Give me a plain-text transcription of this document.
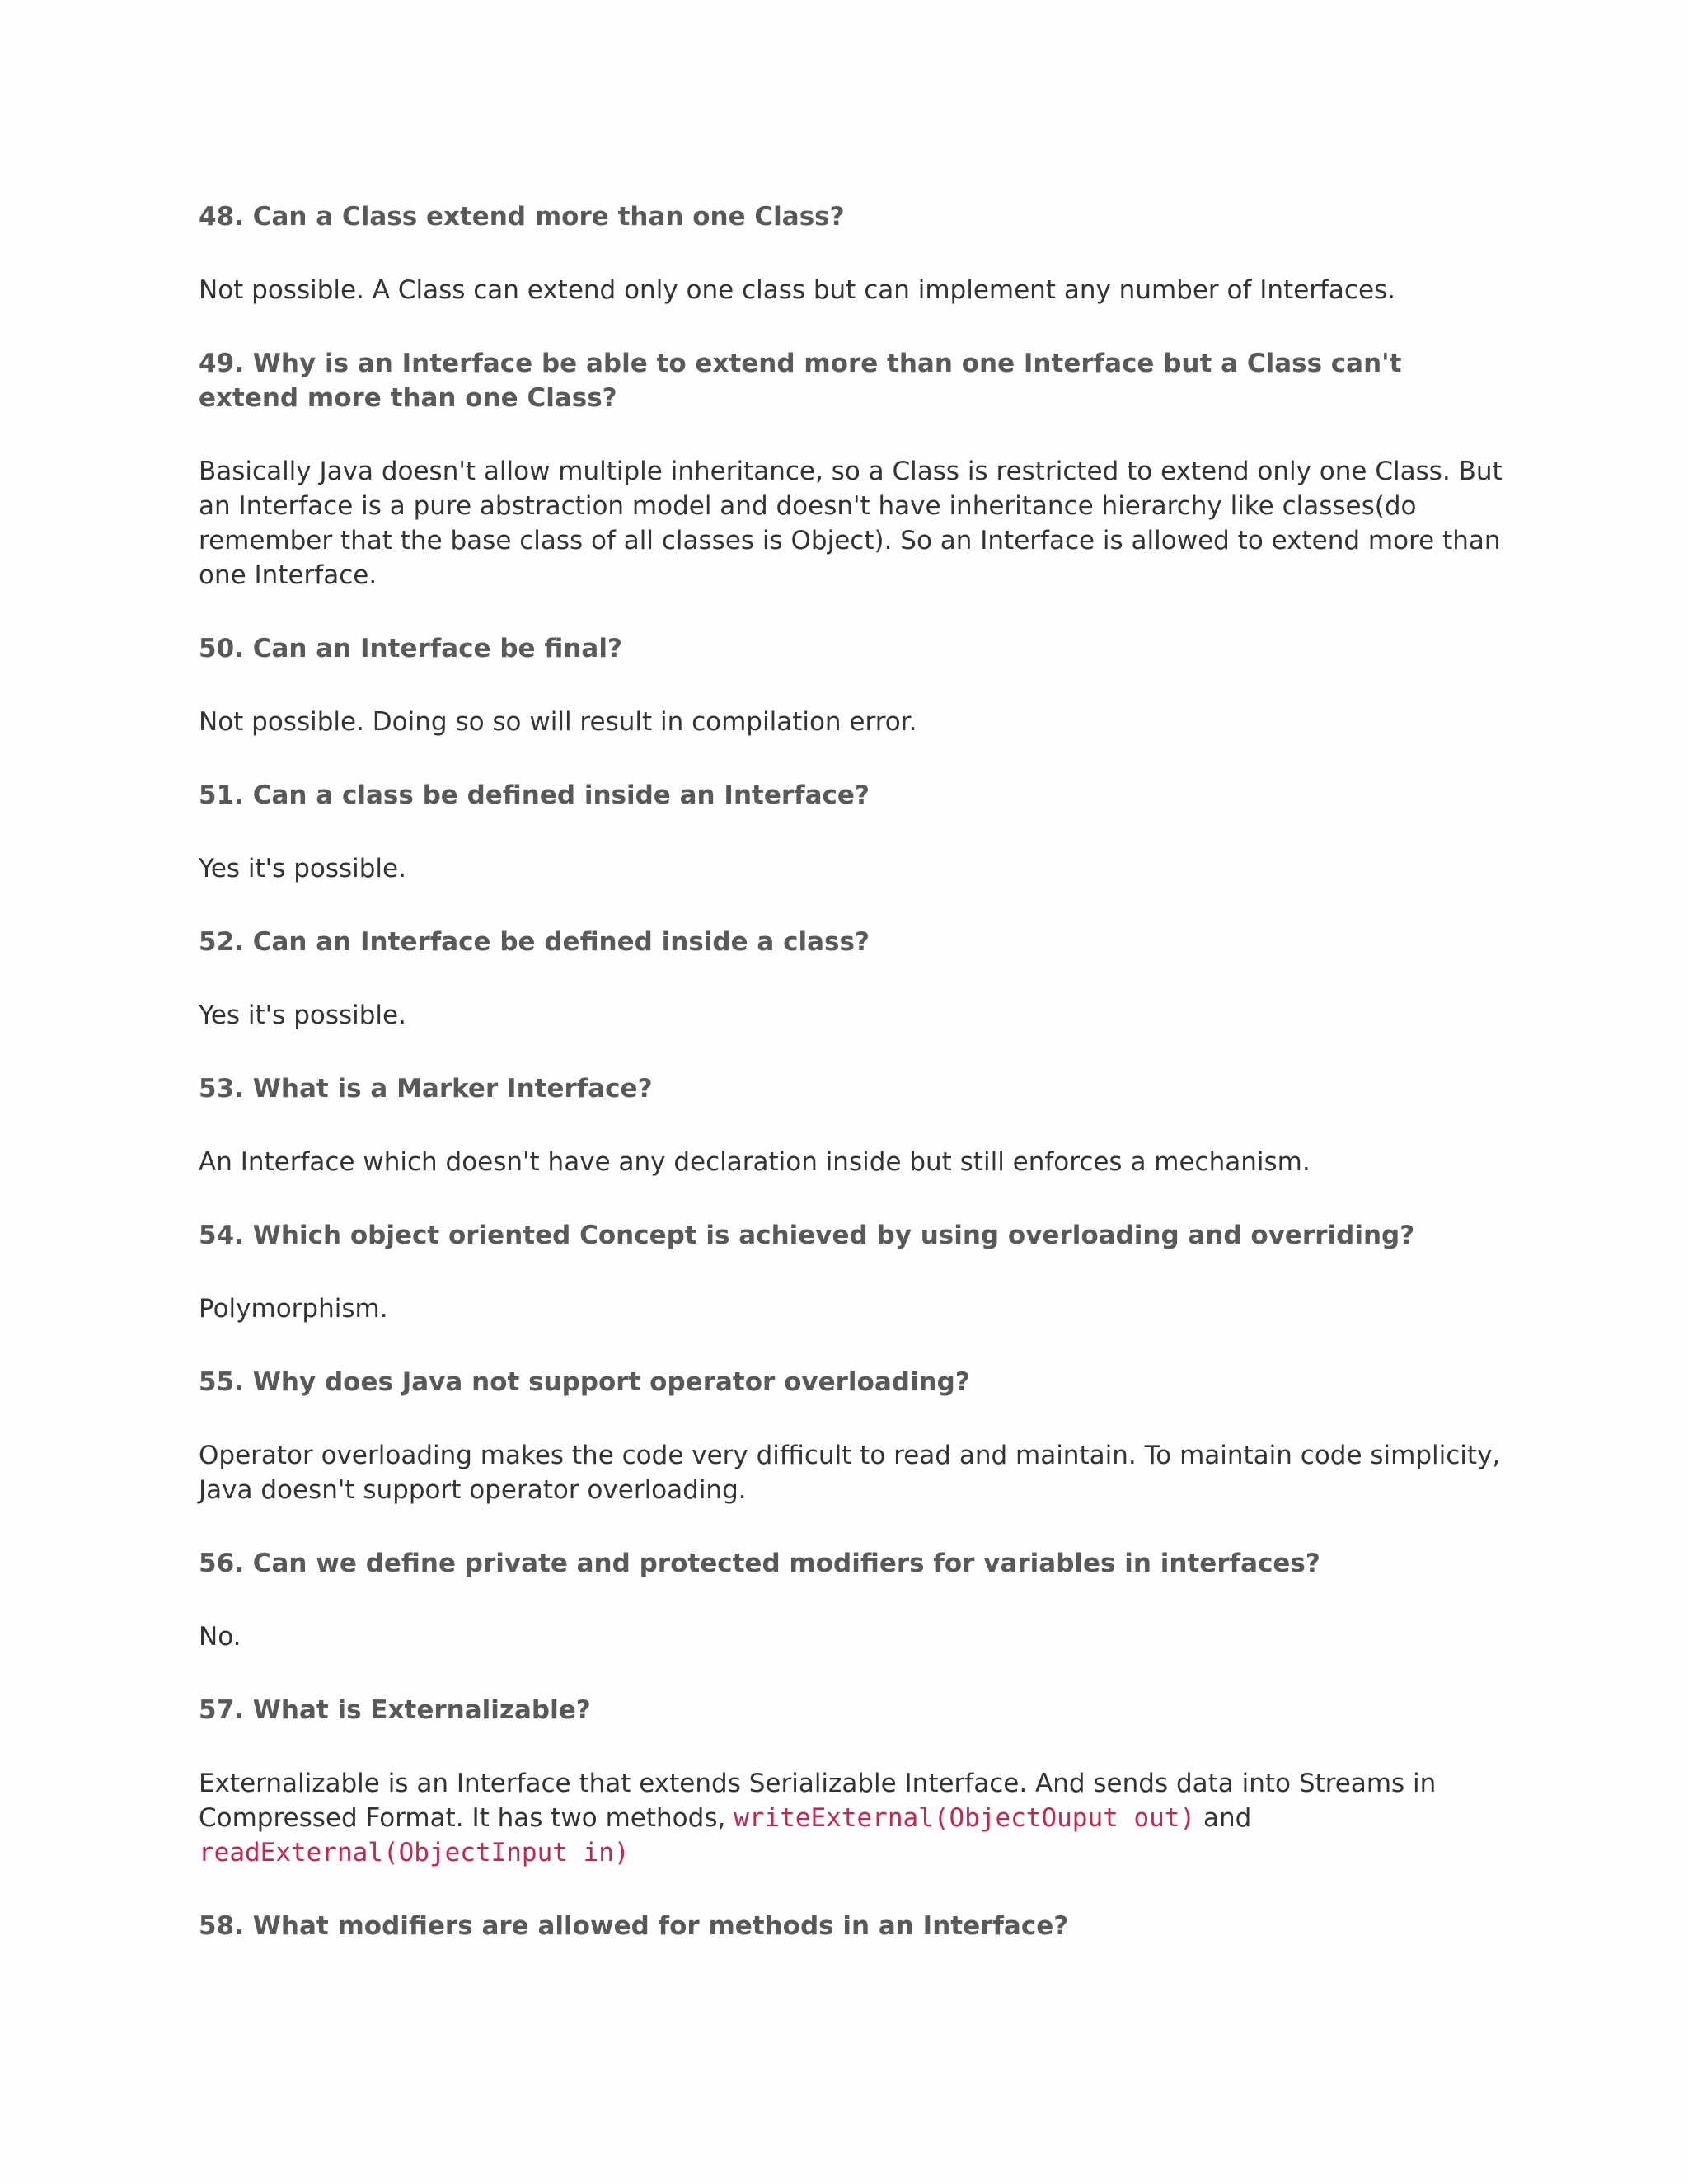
48. Can a Class extend more than one Class?

Not possible. A Class can extend only one class but can implement any number of Interfaces.

49. Why is an Interface be able to extend more than one Interface but a Class can't extend more than one Class?

Basically Java doesn't allow multiple inheritance, so a Class is restricted to extend only one Class. But an Interface is a pure abstraction model and doesn't have inheritance hierarchy like classes(do remember that the base class of all classes is Object). So an Interface is allowed to extend more than one Interface.

50. Can an Interface be final?

Not possible. Doing so so will result in compilation error.

51. Can a class be defined inside an Interface?

Yes it's possible.

52. Can an Interface be defined inside a class?

Yes it's possible.

53. What is a Marker Interface?

An Interface which doesn't have any declaration inside but still enforces a mechanism.

54. Which object oriented Concept is achieved by using overloading and overriding?

Polymorphism.

55. Why does Java not support operator overloading?

Operator overloading makes the code very difficult to read and maintain. To maintain code simplicity, Java doesn't support operator overloading.

56. Can we define private and protected modifiers for variables in interfaces?

No.

57. What is Externalizable?

Externalizable is an Interface that extends Serializable Interface. And sends data into Streams in Compressed Format. It has two methods, writeExternal(ObjectOuput out) and readExternal(ObjectInput in)

58. What modifiers are allowed for methods in an Interface?
